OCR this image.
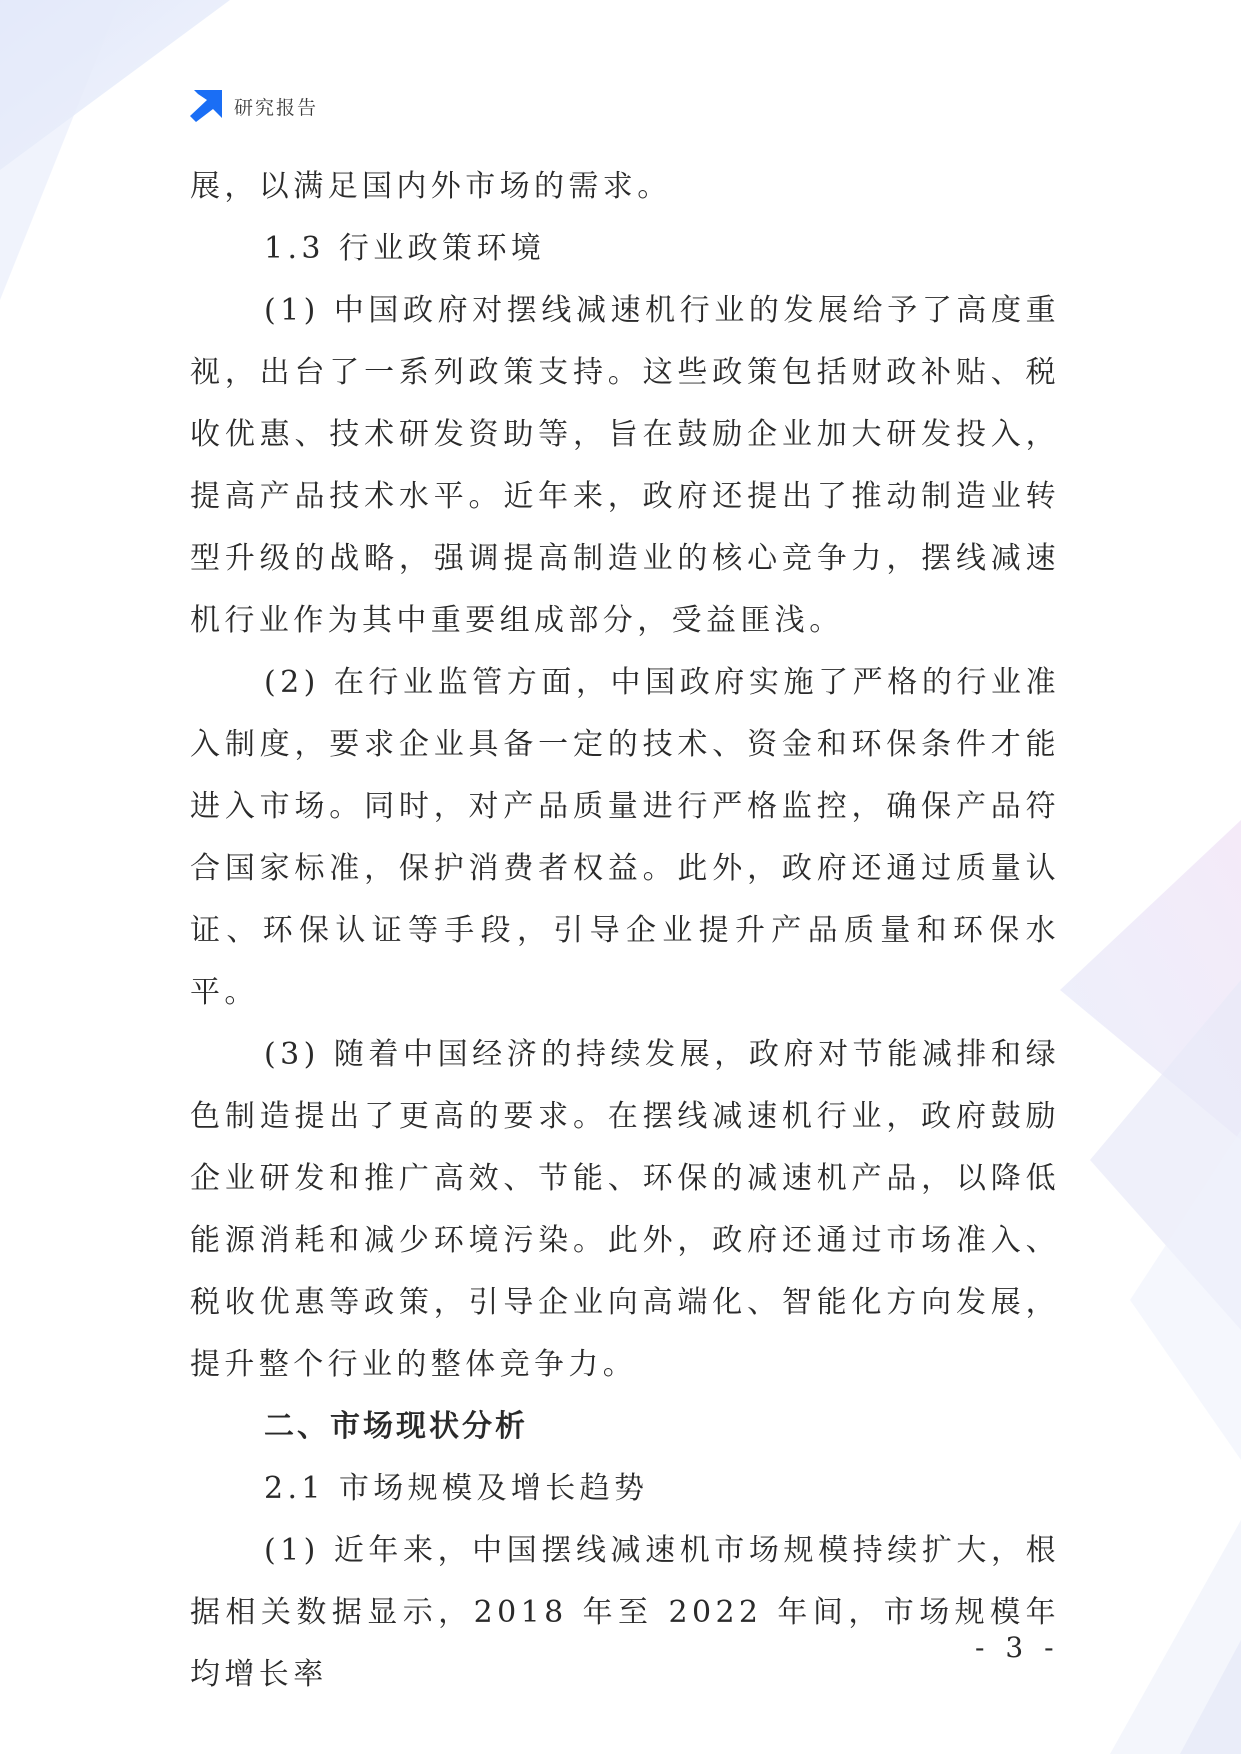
研究报告

展，以满足国内外市场的需求。

1.3 行业政策环境

(1) 中国政府对摆线减速机行业的发展给予了高度重视，出台了一系列政策支持。这些政策包括财政补贴、税收优惠、技术研发资助等，旨在鼓励企业加大研发投入，提高产品技术水平。近年来，政府还提出了推动制造业转型升级的战略，强调提高制造业的核心竞争力，摆线减速机行业作为其中重要组成部分，受益匪浅。

(2) 在行业监管方面，中国政府实施了严格的行业准入制度，要求企业具备一定的技术、资金和环保条件才能进入市场。同时，对产品质量进行严格监控，确保产品符合国家标准，保护消费者权益。此外，政府还通过质量认证、环保认证等手段，引导企业提升产品质量和环保水平。

(3) 随着中国经济的持续发展，政府对节能减排和绿色制造提出了更高的要求。在摆线减速机行业，政府鼓励企业研发和推广高效、节能、环保的减速机产品，以降低能源消耗和减少环境污染。此外，政府还通过市场准入、税收优惠等政策，引导企业向高端化、智能化方向发展，提升整个行业的整体竞争力。

二、市场现状分析

2.1 市场规模及增长趋势

(1) 近年来，中国摆线减速机市场规模持续扩大，根据相关数据显示，2018 年至 2022 年间，市场规模年均增长率

- 3 -
